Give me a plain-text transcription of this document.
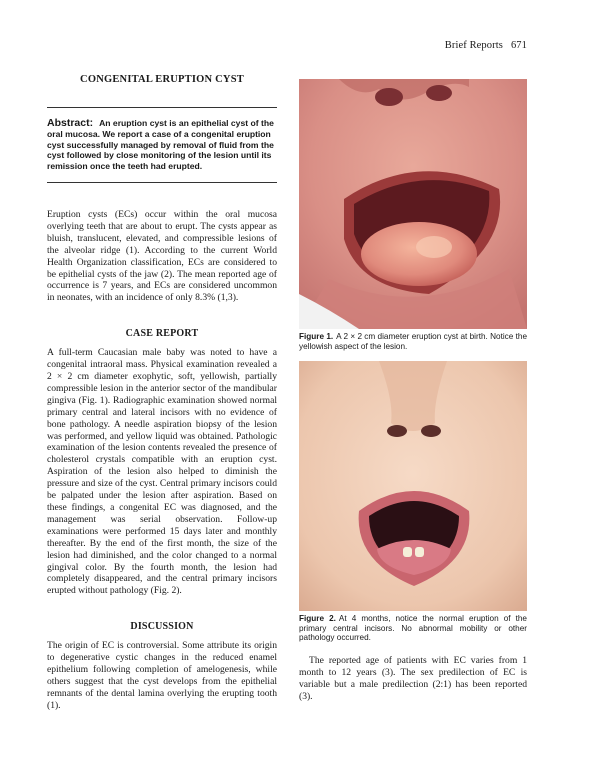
Brief Reports 671
CONGENITAL ERUPTION CYST
Abstract: An eruption cyst is an epithelial cyst of the oral mucosa. We report a case of a congenital eruption cyst successfully managed by removal of fluid from the cyst followed by close monitoring of the lesion until its remission once the teeth had erupted.

Eruption cysts (ECs) occur within the oral mucosa overlying teeth that are about to erupt. The cysts appear as bluish, translucent, elevated, and compressible lesions of the alveolar ridge (1). According to the current World Health Organization classification, ECs are considered to be epithelial cysts of the jaw (2). The mean reported age of occurrence is 7 years, and ECs are considered uncommon in neonates, with an incidence of only 8.3% (1,3).

CASE REPORT

A full-term Caucasian male baby was noted to have a congenital intraoral mass. Physical examination revealed a 2 × 2 cm diameter exophytic, soft, yellowish, partially compressible lesion in the anterior sector of the mandibular gingiva (Fig. 1). Radiographic examination showed normal primary central and lateral incisors with no evidence of bone pathology. A needle aspiration biopsy of the lesion was performed, and yellow liquid was obtained. Pathologic examination of the lesion contents revealed the presence of cholesterol crystals compatible with an eruption cyst. Aspiration of the lesion also helped to diminish the pressure and size of the cyst. Central primary incisors could be palpated under the lesion after aspiration. Based on these findings, a congenital EC was diagnosed, and the management was serial observation. Follow-up examinations were performed 15 days later and monthly thereafter. By the end of the first month, the size of the lesion had diminished, and the color changed to a normal gingival color. By the fourth month, the lesion had completely disappeared, and the central primary incisors erupted without pathology (Fig. 2).

DISCUSSION

The origin of EC is controversial. Some attribute its origin to degenerative cystic changes in the reduced enamel epithelium following completion of amelogenesis, while others suggest that the cyst develops from the epithelial remnants of the dental lamina overlying the erupting tooth (1).

Figure 1. A 2 × 2 cm diameter eruption cyst at birth. Notice the yellowish aspect of the lesion.

Figure 2. At 4 months, notice the normal eruption of the primary central incisors. No abnormal mobility or other pathology occurred.

The reported age of patients with EC varies from 1 month to 12 years (3). The sex predilection of EC is variable but a male predilection (2:1) has been reported (3).
